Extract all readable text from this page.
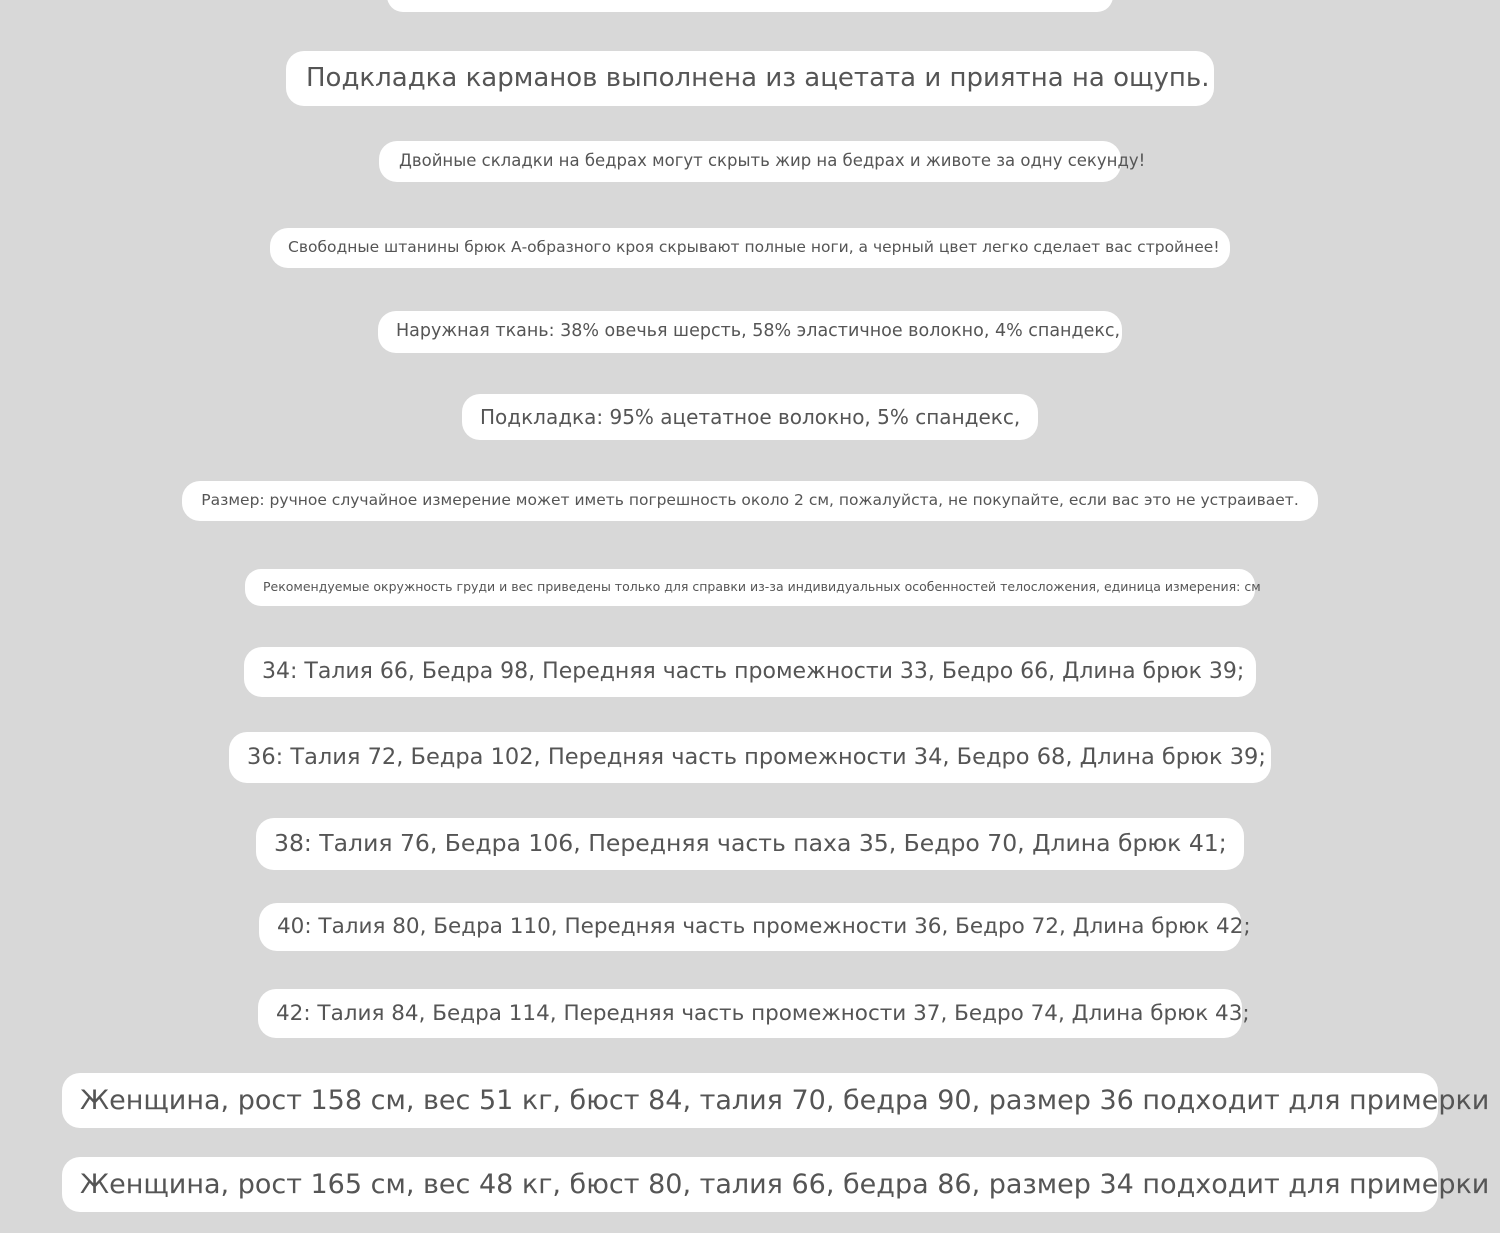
Подкладка карманов выполнена из ацетата и приятна на ощупь.
Двойные складки на бедрах могут скрыть жир на бедрах и животе за одну секунду!
Свободные штанины брюк А-образного кроя скрывают полные ноги, а черный цвет легко сделает вас стройнее!
Наружная ткань: 38% овечья шерсть, 58% эластичное волокно, 4% спандекс,
Подкладка: 95% ацетатное волокно, 5% спандекс,
Размер: ручное случайное измерение может иметь погрешность около 2 см, пожалуйста, не покупайте, если вас это не устраивает.
Рекомендуемые окружность груди и вес приведены только для справки из-за индивидуальных особенностей телосложения, единица измерения: см
34: Талия 66, Бедра 98, Передняя часть промежности 33, Бедро 66, Длина брюк 39;
36: Талия 72, Бедра 102, Передняя часть промежности 34, Бедро 68, Длина брюк 39;
38: Талия 76, Бедра 106, Передняя часть паха 35, Бедро 70, Длина брюк 41;
40: Талия 80, Бедра 110, Передняя часть промежности 36, Бедро 72, Длина брюк 42;
42: Талия 84, Бедра 114, Передняя часть промежности 37, Бедро 74, Длина брюк 43;
Женщина, рост 158 см, вес 51 кг, бюст 84, талия 70, бедра 90, размер 36 подходит для примерки
Женщина, рост 165 см, вес 48 кг, бюст 80, талия 66, бедра 86, размер 34 подходит для примерки
